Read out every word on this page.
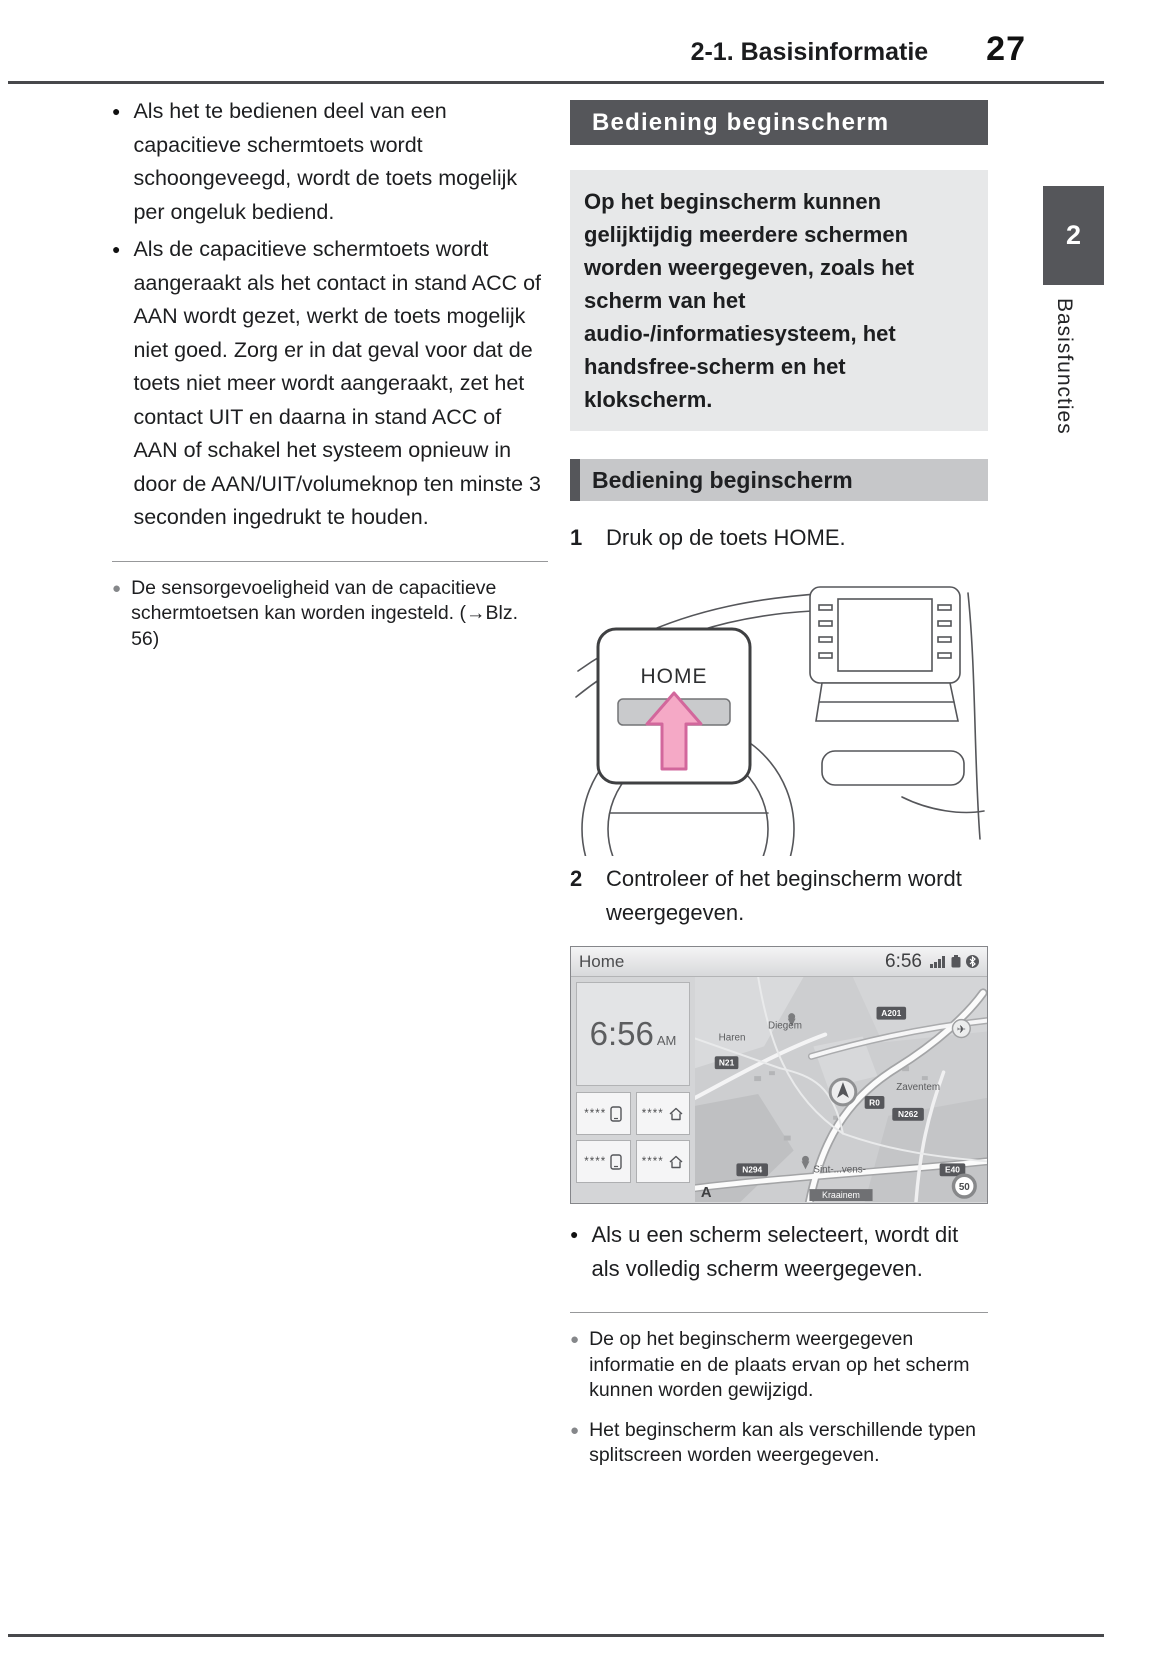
2-1. Basisinformatie 27
2
Basisfuncties
● Als het te bedienen deel van een capacitieve schermtoets wordt schoongeveegd, wordt de toets mogelijk per ongeluk bediend.
● Als de capacitieve schermtoets wordt aangeraakt als het contact in stand ACC of AAN wordt gezet, werkt de toets mogelijk niet goed. Zorg er in dat geval voor dat de toets niet meer wordt aangeraakt, zet het contact UIT en daarna in stand ACC of AAN of schakel het systeem opnieuw in door de AAN/UIT/volumeknop ten minste 3 seconden ingedrukt te houden.
● De sensorgevoeligheid van de capacitieve schermtoetsen kan worden ingesteld. (→Blz. 56)
Bediening beginscherm
Op het beginscherm kunnen gelijktijdig meerdere schermen worden weergegeven, zoals het scherm van het audio-/informatiesysteem, het handsfree-scherm en het klokscherm.
Bediening beginscherm
1	Druk op de toets HOME.
HOME
2	Controleer of het beginscherm wordt weergegeven.
Home	6:56
6:56 AM
****	****
****	****
✈
N21
A201
R0
N262
N294	E40
Haren
Diegem
Zaventem
Sint-...vens-
Kraainem
50
A
● Als u een scherm selecteert, wordt dit als volledig scherm weergegeven.
● De op het beginscherm weergegeven informatie en de plaats ervan op het scherm kunnen worden gewijzigd.
● Het beginscherm kan als verschillende typen splitscreen worden weergegeven.
